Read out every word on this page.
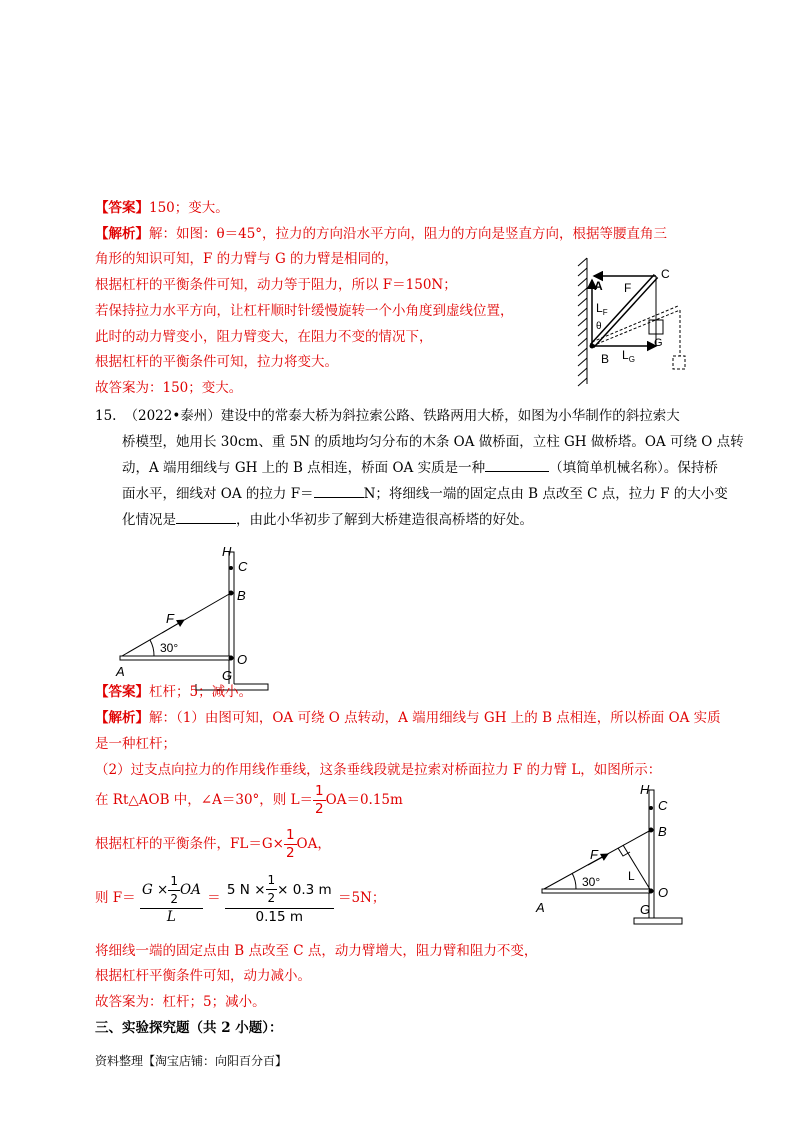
【答案】150；变大。
【解析】解：如图：θ＝45°，拉力的方向沿水平方向，阻力的方向是竖直方向，根据等腰直角三
角形的知识可知，F 的力臂与 G 的力臂是相同的，
根据杠杆的平衡条件可知，动力等于阻力，所以 F＝150N；
若保持拉力水平方向，让杠杆顺时针缓慢旋转一个小角度到虚线位置，
此时的动力臂变小，阻力臂变大，在阻力不变的情况下，
根据杠杆的平衡条件可知，拉力将变大。
故答案为：150；变大。
A
C
F
$L_F$
θ
B $L_G$
G
15. （2022•泰州）建设中的常泰大桥为斜拉索公路、铁路两用大桥，如图为小华制作的斜拉索大
桥模型，她用长 30cm、重 5N 的质地均匀分布的木条 OA 做桥面，立柱 GH 做桥塔。OA 可绕 O 点转
动，A 端用细线与 GH 上的 B 点相连，桥面 OA 实质是一种	（填简单机械名称）。保持桥
面水平，细线对 OA 的拉力 F＝	N；将细线一端的固定点由 B 点改至 C 点，拉力 F 的大小变
化情况是	，由此小华初步了解到大桥建造很高桥塔的好处。
H
C
B
F
30°
O
A	G
【答案】杠杆；5；减小。
【解析】解：（1）由图可知，OA 可绕 O 点转动，A 端用细线与 GH 上的 B 点相连，所以桥面 OA 实质
是一种杠杆；
（2）过支点向拉力的作用线作垂线，这条垂线段就是拉索对桥面拉力 F 的力臂 L，如图所示：
在 Rt△AOB 中，∠A＝30°，则 $L= \frac{1}{2} OA=0.15m$
根据杠杆的平衡条件，$FL=G\times \frac{1}{2}$ OA，
则 $F= \frac{G \times \frac{1}{2} OA}{L} = \frac{5 N \times \frac{1}{2} \times 0.3 m}{0.15 m} =5N$；
将细线一端的固定点由 B 点改至 C 点，动力臂增大，阻力臂和阻力不变，
根据杠杆平衡条件可知，动力减小。
故答案为：杠杆；5；减小。
H
C
B
F
L
30°
O
A	G
三、实验探究题（共 2 小题）：
资料整理【淘宝店铺：向阳百分百】
